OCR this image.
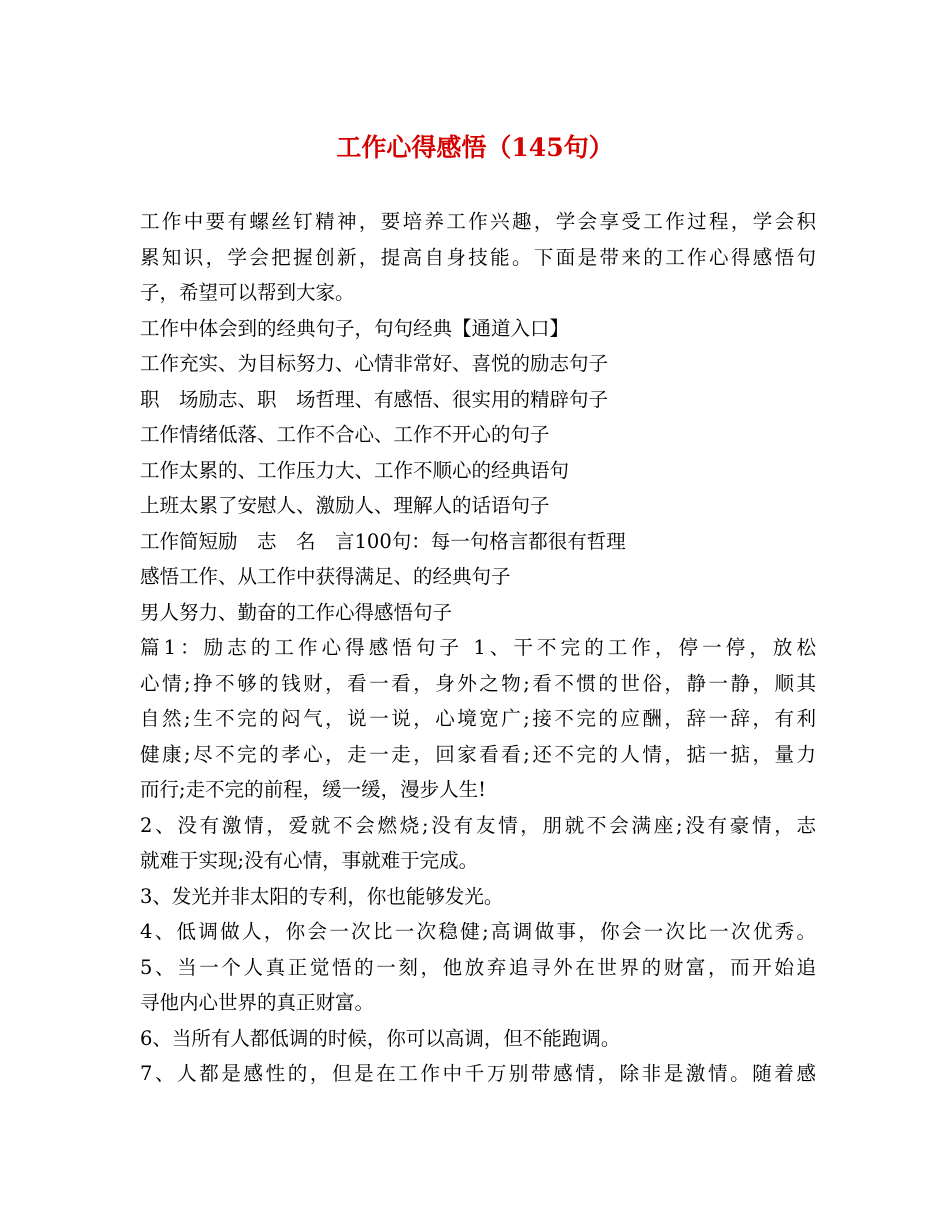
工作心得感悟（145句）
工作中要有螺丝钉精神，要培养工作兴趣，学会享受工作过程，学会积
累知识，学会把握创新，提高自身技能。下面是带来的工作心得感悟句
子，希望可以帮到大家。
工作中体会到的经典句子，句句经典【通道入口】
工作充实、为目标努力、心情非常好、喜悦的励志句子
职　场励志、职　场哲理、有感悟、很实用的精辟句子
工作情绪低落、工作不合心、工作不开心的句子
工作太累的、工作压力大、工作不顺心的经典语句
上班太累了安慰人、激励人、理解人的话语句子
工作简短励　志　名　言100句：每一句格言都很有哲理
感悟工作、从工作中获得满足、的经典句子
男人努力、勤奋的工作心得感悟句子
篇1：励志的工作心得感悟句子 1、干不完的工作，停一停，放松
心情;挣不够的钱财，看一看，身外之物;看不惯的世俗，静一静，顺其
自然;生不完的闷气，说一说，心境宽广;接不完的应酬，辞一辞，有利
健康;尽不完的孝心，走一走，回家看看;还不完的人情，掂一掂，量力
而行;走不完的前程，缓一缓，漫步人生!
2、没有激情，爱就不会燃烧;没有友情，朋就不会满座;没有豪情，志
就难于实现;没有心情，事就难于完成。
3、发光并非太阳的专利，你也能够发光。
4、低调做人，你会一次比一次稳健;高调做事，你会一次比一次优秀。
5、当一个人真正觉悟的一刻，他放弃追寻外在世界的财富，而开始追
寻他内心世界的真正财富。
6、当所有人都低调的时候，你可以高调，但不能跑调。
7、人都是感性的，但是在工作中千万别带感情，除非是激情。随着感
